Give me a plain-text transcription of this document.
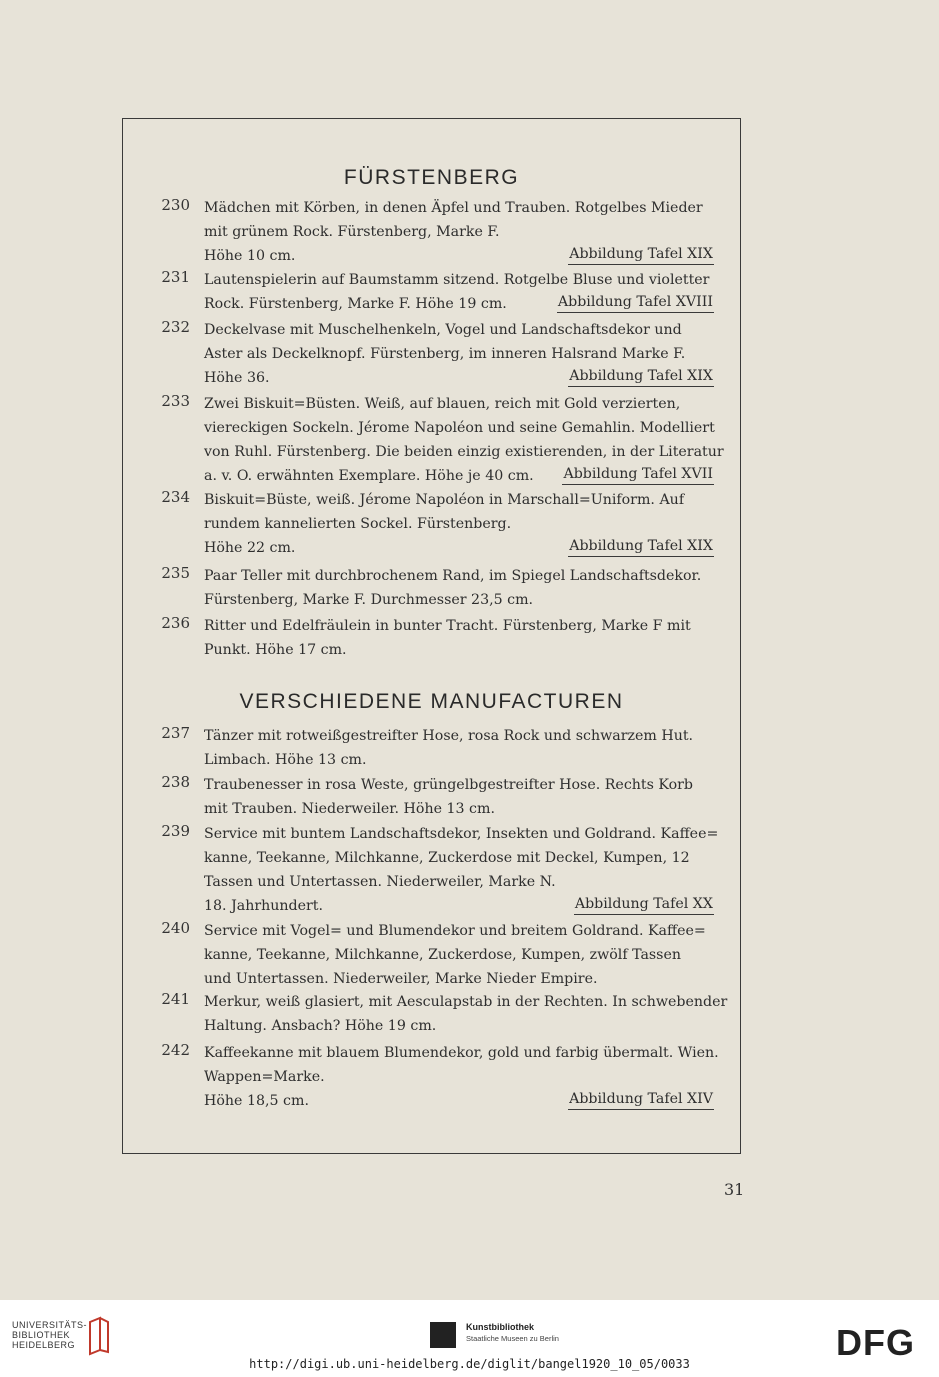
FÜRSTENBERG
230 Mädchen mit Körben, in denen Äpfel und Trauben. Rotgelbes Mieder
mit grünem Rock. Fürstenberg, Marke F.
Höhe 10 cm.	Abbildung Tafel XIX
231 Lautenspielerin auf Baumstamm sitzend. Rotgelbe Bluse und violetter
Rock. Fürstenberg, Marke F. Höhe 19 cm.	Abbildung Tafel XVIII
232 Deckelvase mit Muschelhenkeln, Vogel und Landschaftsdekor und
Aster als Deckelknopf. Fürstenberg, im inneren Halsrand Marke F.
Höhe 36.	Abbildung Tafel XIX
233 Zwei Biskuit=Büsten. Weiß, auf blauen, reich mit Gold verzierten,
viereckigen Sockeln. Jérome Napoléon und seine Gemahlin. Modelliert
von Ruhl. Fürstenberg. Die beiden einzig existierenden, in der Literatur
a. v. O. erwähnten Exemplare. Höhe je 40 cm. Abbildung Tafel XVII
234 Biskuit=Büste, weiß. Jérome Napoléon in Marschall=Uniform. Auf
rundem kannelierten Sockel. Fürstenberg.
Höhe 22 cm.	Abbildung Tafel XIX
235 Paar Teller mit durchbrochenem Rand, im Spiegel Landschaftsdekor.
Fürstenberg, Marke F. Durchmesser 23,5 cm.
236 Ritter und Edelfräulein in bunter Tracht. Fürstenberg, Marke F mit
Punkt. Höhe 17 cm.
VERSCHIEDENE MANUFACTUREN
237 Tänzer mit rotweißgestreifter Hose, rosa Rock und schwarzem Hut.
Limbach. Höhe 13 cm.
238 Traubenesser in rosa Weste, grüngelbgestreifter Hose. Rechts Korb
mit Trauben. Niederweiler. Höhe 13 cm.
239 Service mit buntem Landschaftsdekor, Insekten und Goldrand. Kaffee=
kanne, Teekanne, Milchkanne, Zuckerdose mit Deckel, Kumpen, 12
Tassen und Untertassen. Niederweiler, Marke N.
18. Jahrhundert.	Abbildung Tafel XX
240 Service mit Vogel= und Blumendekor und breitem Goldrand. Kaffee=
kanne, Teekanne, Milchkanne, Zuckerdose, Kumpen, zwölf Tassen
und Untertassen. Niederweiler, Marke Nieder Empire.
241 Merkur, weiß glasiert, mit Aesculapstab in der Rechten. In schwebender
Haltung. Ansbach? Höhe 19 cm.
242 Kaffeekanne mit blauem Blumendekor, gold und farbig übermalt. Wien.
Wappen=Marke.
Höhe 18,5 cm.	Abbildung Tafel XIV
31
UNIVERSITÄTS-
BIBLIOTHEK
HEIDELBERG
Kunstbibliothek
Staatliche Museen zu Berlin	DFG
http://digi.ub.uni-heidelberg.de/diglit/bangel1920_10_05/0033
